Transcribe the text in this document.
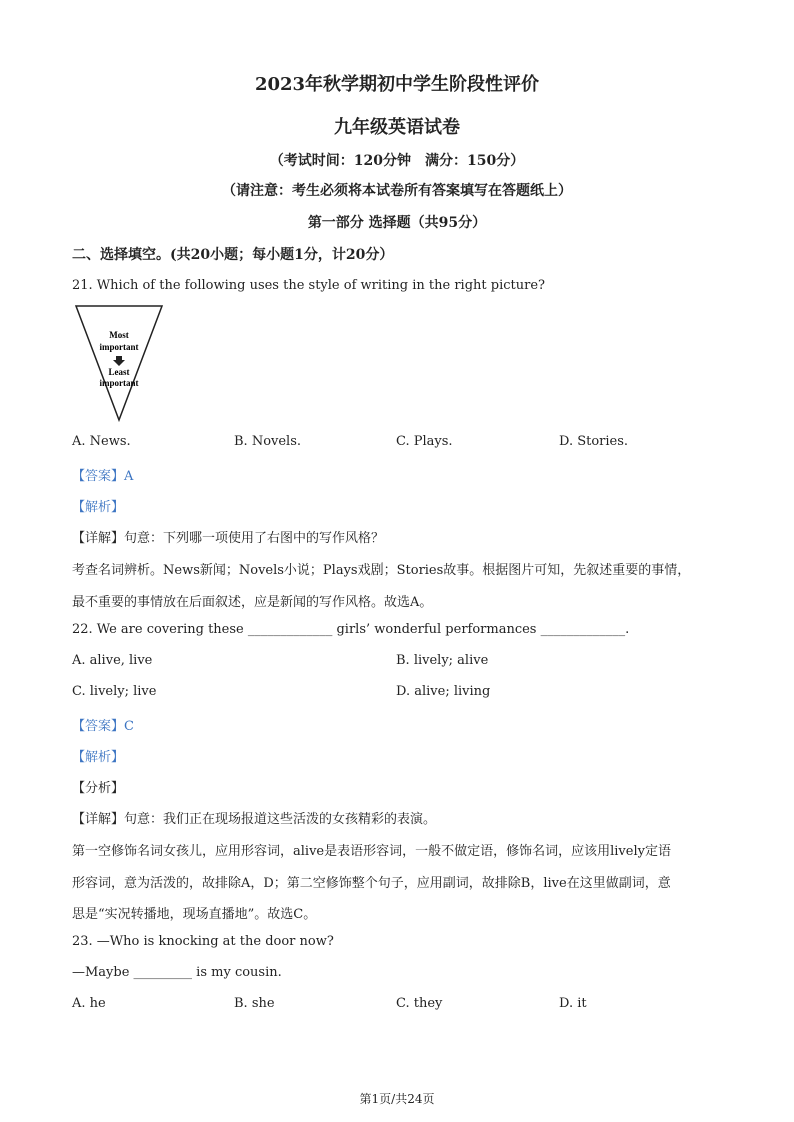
2023年秋学期初中学生阶段性评价
九年级英语试卷
（考试时间：120分钟　满分：150分）
（请注意：考生必须将本试卷所有答案填写在答题纸上）
第一部分 选择题（共95分）
二、选择填空。(共20小题；每小题1分，计20分）
21. Which of the following uses the style of writing in the right picture?
Most
important
Least
important
A. News.	B. Novels.	C. Plays.	D. Stories.
【答案】A
【解析】
【详解】句意：下列哪一项使用了右图中的写作风格？
考查名词辨析。News新闻；Novels小说；Plays戏剧；Stories故事。根据图片可知，先叙述重要的事情，
最不重要的事情放在后面叙述，应是新闻的写作风格。故选A。
22. We are covering these _____________ girls’ wonderful performances _____________.
A. alive, live	B. lively; alive
C. lively; live	D. alive; living
【答案】C
【解析】
【分析】
【详解】句意：我们正在现场报道这些活泼的女孩精彩的表演。
第一空修饰名词女孩儿，应用形容词，alive是表语形容词，一般不做定语，修饰名词，应该用lively定语
形容词，意为活泼的，故排除A，D；第二空修饰整个句子，应用副词，故排除B，live在这里做副词，意
思是“实况转播地，现场直播地”。故选C。
23. —Who is knocking at the door now?
—Maybe _________ is my cousin.
A. he	B. she	C. they	D. it
第1页/共24页
